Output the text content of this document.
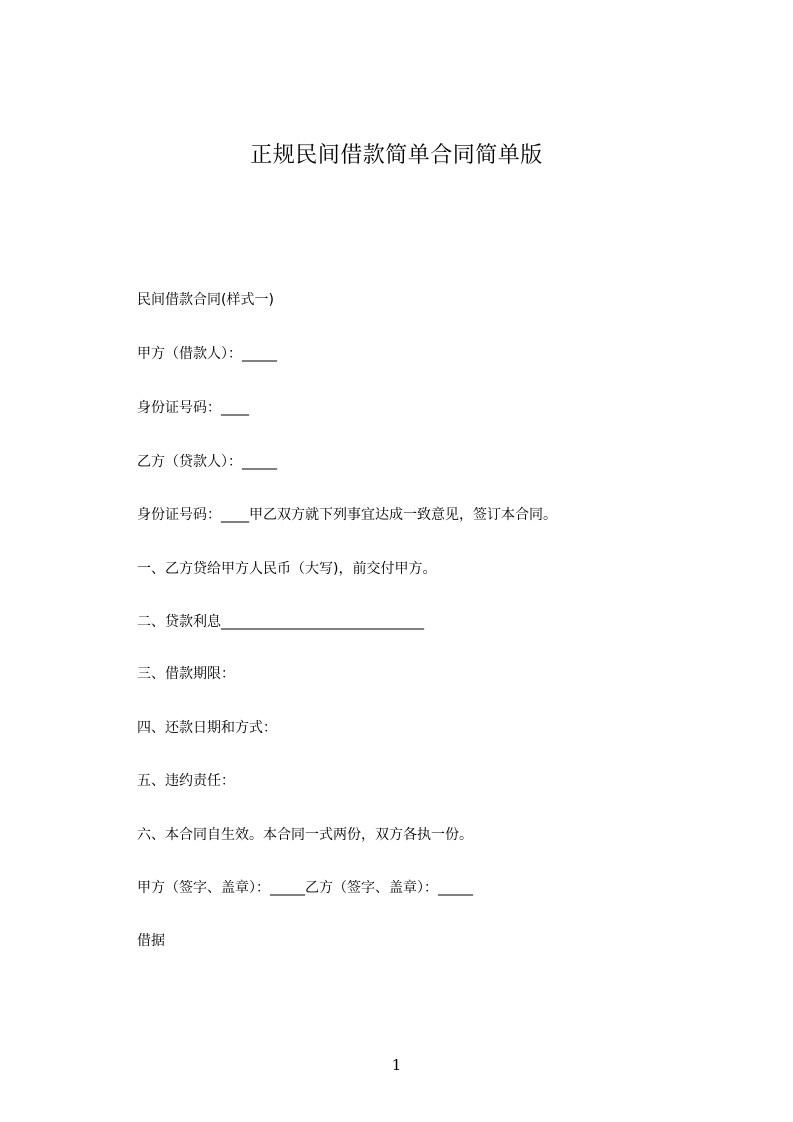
正规民间借款简单合同简单版
民间借款合同(样式一)
甲方（借款人）：_____
身份证号码：____
乙方（贷款人）：_____
身份证号码：____甲乙双方就下列事宜达成一致意见，签订本合同。
一、乙方贷给甲方人民币（大写)，前交付甲方。
二、贷款利息_____________________________
三、借款期限：
四、还款日期和方式：
五、违约责任：
六、本合同自生效。本合同一式两份，双方各执一份。
甲方（签字、盖章）：_____乙方（签字、盖章）：_____
借据
1
